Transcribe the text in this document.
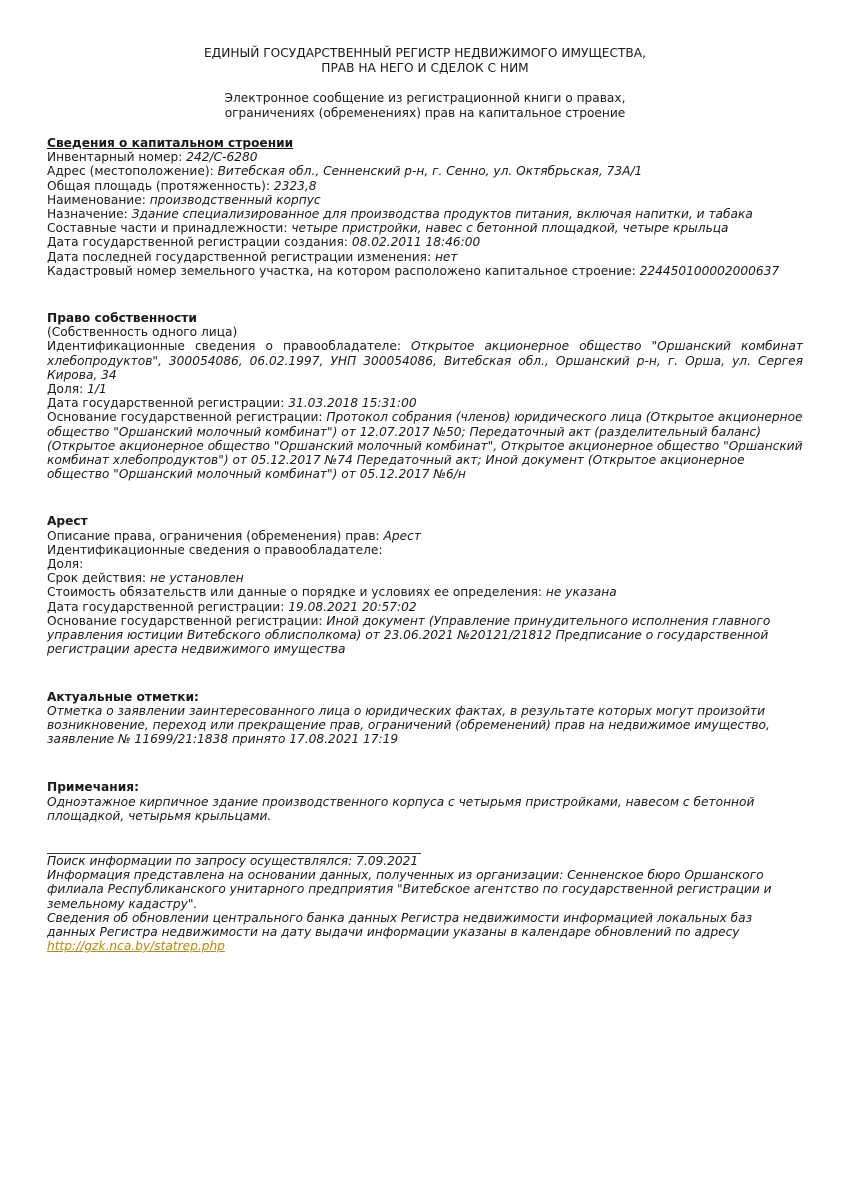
ЕДИНЫЙ ГОСУДАРСТВЕННЫЙ РЕГИСТР НЕДВИЖИМОГО ИМУЩЕСТВА,
ПРАВ НА НЕГО И СДЕЛОК С НИМ
Электронное сообщение из регистрационной книги о правах,
ограничениях (обременениях) прав на капитальное строение
Сведения о капитальном строении
Инвентарный номер: 242/C-6280
Адрес (местоположение): Витебская обл., Сенненский р-н, г. Сенно, ул. Октябрьская, 73А/1
Общая площадь (протяженность): 2323,8
Наименование: производственный корпус
Назначение: Здание специализированное для производства продуктов питания, включая напитки, и табака
Составные части и принадлежности: четыре пристройки, навес с бетонной площадкой, четыре крыльца
Дата государственной регистрации создания: 08.02.2011 18:46:00
Дата последней государственной регистрации изменения: нет
Кадастровый номер земельного участка, на котором расположено капитальное строение: 224450100002000637
Право собственности
(Собственность одного лица)
Идентификационные сведения о правообладателе: Открытое акционерное общество "Оршанский комбинат хлебопродуктов", 300054086, 06.02.1997, УНП 300054086, Витебская обл., Оршанский р-н, г. Орша, ул. Сергея Кирова, 34
Доля: 1/1
Дата государственной регистрации: 31.03.2018 15:31:00
Основание государственной регистрации: Протокол собрания (членов) юридического лица (Открытое акционерное общество "Оршанский молочный комбинат") от 12.07.2017 №50; Передаточный акт (разделительный баланс) (Открытое акционерное общество "Оршанский молочный комбинат", Открытое акционерное общество "Оршанский комбинат хлебопродуктов") от 05.12.2017 №74 Передаточный акт; Иной документ (Открытое акционерное общество "Оршанский молочный комбинат") от 05.12.2017 №6/н
Арест
Описание права, ограничения (обременения) прав: Арест
Идентификационные сведения о правообладателе:
Доля:
Срок действия: не установлен
Стоимость обязательств или данные о порядке и условиях ее определения: не указана
Дата государственной регистрации: 19.08.2021 20:57:02
Основание государственной регистрации: Иной документ (Управление принудительного исполнения главного управления юстиции Витебского облисполкома) от 23.06.2021 №20121/21812 Предписание о государственной регистрации ареста недвижимого имущества
Актуальные отметки:
Отметка о заявлении заинтересованного лица о юридических фактах, в результате которых могут произойти возникновение, переход или прекращение прав, ограничений (обременений) прав на недвижимое имущество, заявление № 11699/21:1838 принято 17.08.2021 17:19
Примечания:
Одноэтажное кирпичное здание производственного корпуса с четырьмя пристройками, навесом с бетонной площадкой, четырьмя крыльцами.
Поиск информации по запросу осуществлялся: 7.09.2021
Информация представлена на основании данных, полученных из организации: Сенненское бюро Оршанского филиала Республиканского унитарного предприятия "Витебское агентство по государственной регистрации и земельному кадастру".
Сведения об обновлении центрального банка данных Регистра недвижимости информацией локальных баз данных Регистра недвижимости на дату выдачи информации указаны в календаре обновлений по адресу
http://gzk.nca.by/statrep.php
